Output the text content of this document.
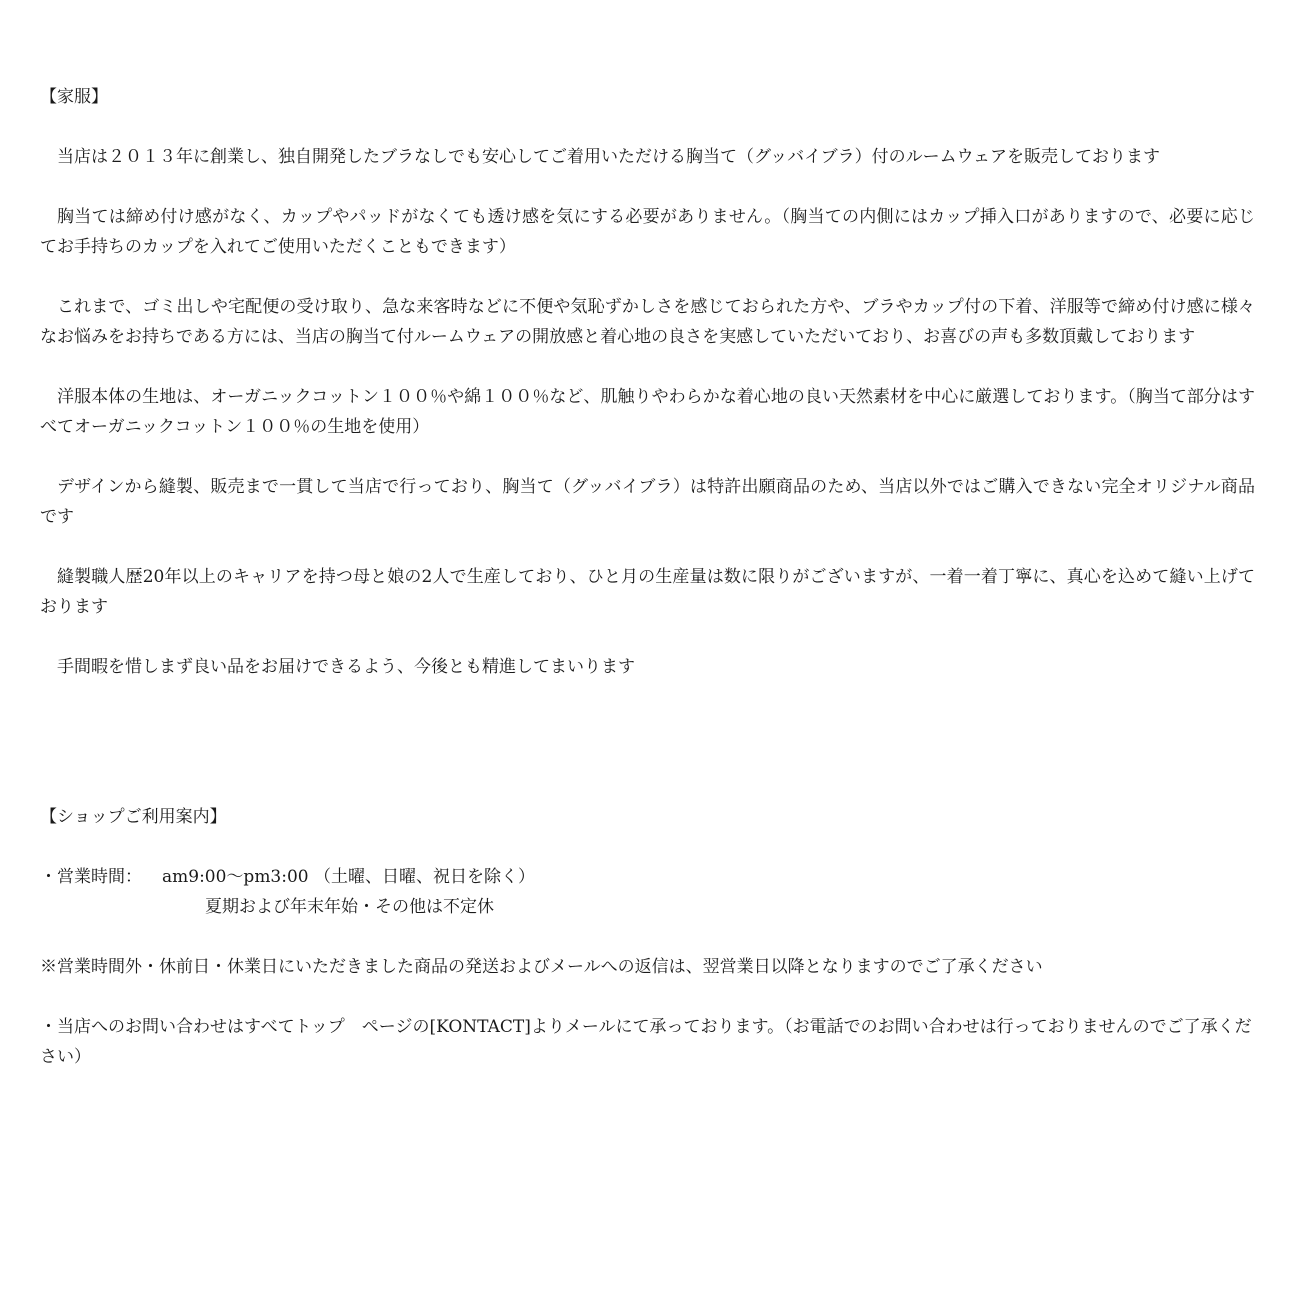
【家服】

当店は２０１３年に創業し、独自開発したブラなしでも安心してご着用いただける胸当て（グッバイブラ）付のルームウェアを販売しております

胸当ては締め付け感がなく、カップやパッドがなくても透け感を気にする必要がありません。（胸当ての内側にはカップ挿入口がありますので、必要に応じてお手持ちのカップを入れてご使用いただくこともできます）

これまで、ゴミ出しや宅配便の受け取り、急な来客時などに不便や気恥ずかしさを感じておられた方や、ブラやカップ付の下着、洋服等で締め付け感に様々なお悩みをお持ちである方には、当店の胸当て付ルームウェアの開放感と着心地の良さを実感していただいており、お喜びの声も多数頂戴しております

洋服本体の生地は、オーガニックコットン１００％や綿１００％など、肌触りやわらかな着心地の良い天然素材を中心に厳選しております。（胸当て部分はすべてオーガニックコットン１００％の生地を使用）

デザインから縫製、販売まで一貫して当店で行っており、胸当て（グッバイブラ）は特許出願商品のため、当店以外ではご購入できない完全オリジナル商品です

縫製職人歴20年以上のキャリアを持つ母と娘の2人で生産しており、ひと月の生産量は数に限りがございますが、一着一着丁寧に、真心を込めて縫い上げております

手間暇を惜しまず良い品をお届けできるよう、今後とも精進してまいります

【ショップご利用案内】

・営業時間： am9:00～pm3:00 （土曜、日曜、祝日を除く）

夏期および年末年始・その他は不定休

※営業時間外・休前日・休業日にいただきました商品の発送およびメールへの返信は、翌営業日以降となりますのでご了承ください

・当店へのお問い合わせはすべてトップ　ページの[KONTACT]よりメールにて承っております。（お電話でのお問い合わせは行っておりませんのでご了承ください）
